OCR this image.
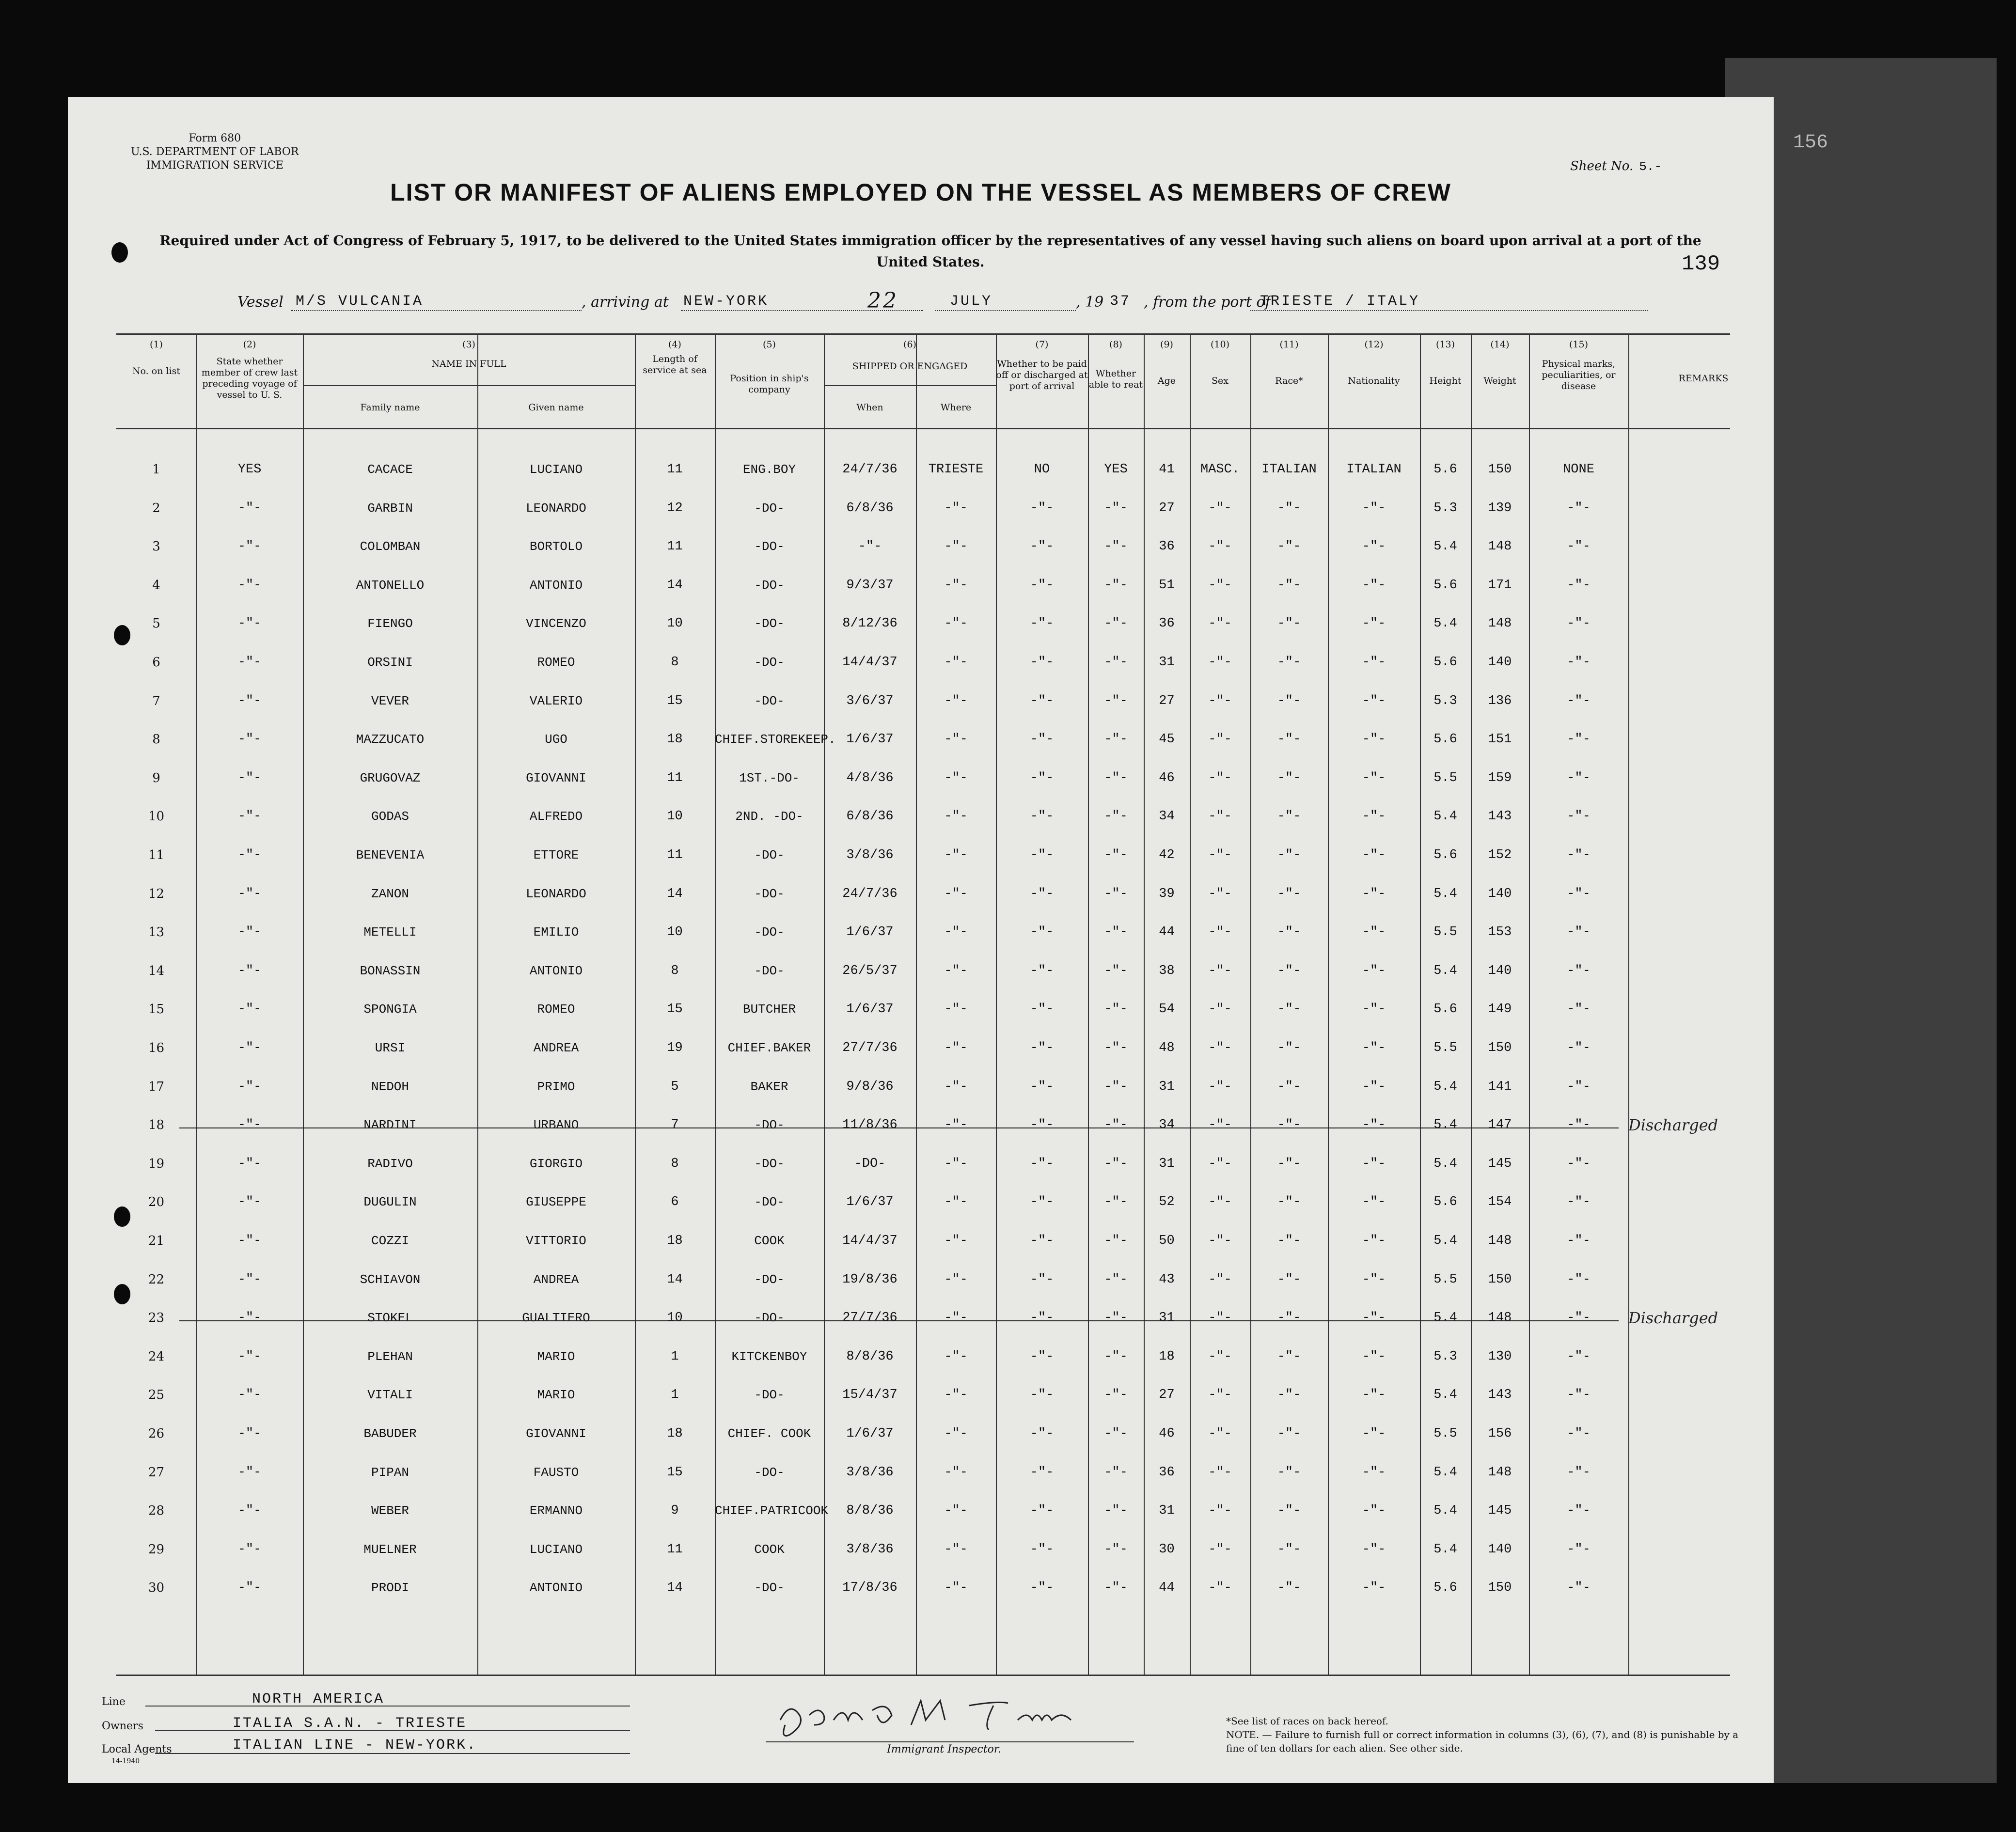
Form 680
U.S. DEPARTMENT OF LABOR
IMMIGRATION SERVICE	Sheet No. 5.-
LIST OR MANIFEST OF ALIENS EMPLOYED ON THE VESSEL AS MEMBERS OF CREW
Required under Act of Congress of February 5, 1917, to be delivered to the United States immigration officer by the representatives of any vessel having such aliens on board upon arrival at a port of the United States.	139
Vessel M/S VULCANIA	, arriving at NEW-YORK	22	JULY	, 19 37 , from the port of
TRIESTE / ITALY
(1)	(2)	(3)	(4)	(5)	(6)	(7)	(8)	(9)	(10)	(11)	(12)	(13)	(14)	(15)
No. on list
State whether member of crew last preceding voyage of vessel to U. S.
NAME IN FULL
Family name	Given name
Length of service at sea
Position in ship's company
SHIPPED OR ENGAGED
When	Where
Whether to be paid off or discharged at port of arrival
Whether able to reat	Age	Sex	Race*	Nationality	Height	Weight
Physical marks, peculiarities, or disease
REMARKS
1	YES	CACACE	LUCIANO	11	ENG.BOY	24/7/36	TRIESTE	NO	YES	41	MASC.	ITALIAN	ITALIAN	5.6	150	NONE
2	-"-	GARBIN	LEONARDO	12	-DO-	6/8/36	-"-	-"-	-"-	27	-"-	-"-	-"-	5.3	139	-"-
3	-"-	COLOMBAN	BORTOLO	11	-DO-	-"-	-"-	-"-	-"-	36	-"-	-"-	-"-	5.4	148	-"-
4	-"-	ANTONELLO	ANTONIO	14	-DO-	9/3/37	-"-	-"-	-"-	51	-"-	-"-	-"-	5.6	171	-"-
5	-"-	FIENGO	VINCENZO	10	-DO-	8/12/36	-"-	-"-	-"-	36	-"-	-"-	-"-	5.4	148	-"-
6	-"-	ORSINI	ROMEO	8	-DO-	14/4/37	-"-	-"-	-"-	31	-"-	-"-	-"-	5.6	140	-"-
7	-"-	VEVER	VALERIO	15	-DO-	3/6/37	-"-	-"-	-"-	27	-"-	-"-	-"-	5.3	136	-"-
8	-"-	MAZZUCATO	UGO	18	CHIEF.STOREKEEP. 1/6/37	-"-	-"-	-"-	45	-"-	-"-	-"-	5.6	151	-"-
9	-"-	GRUGOVAZ	GIOVANNI	11	1ST.-DO-	4/8/36	-"-	-"-	-"-	46	-"-	-"-	-"-	5.5	159	-"-
10	-"-	GODAS	ALFREDO	10	2ND. -DO-	6/8/36	-"-	-"-	-"-	34	-"-	-"-	-"-	5.4	143	-"-
11	-"-	BENEVENIA	ETTORE	11	-DO-	3/8/36	-"-	-"-	-"-	42	-"-	-"-	-"-	5.6	152	-"-
12	-"-	ZANON	LEONARDO	14	-DO-	24/7/36	-"-	-"-	-"-	39	-"-	-"-	-"-	5.4	140	-"-
13	-"-	METELLI	EMILIO	10	-DO-	1/6/37	-"-	-"-	-"-	44	-"-	-"-	-"-	5.5	153	-"-
14	-"-	BONASSIN	ANTONIO	8	-DO-	26/5/37	-"-	-"-	-"-	38	-"-	-"-	-"-	5.4	140	-"-
15	-"-	SPONGIA	ROMEO	15	BUTCHER	1/6/37	-"-	-"-	-"-	54	-"-	-"-	-"-	5.6	149	-"-
16	-"-	URSI	ANDREA	19	CHIEF.BAKER	27/7/36	-"-	-"-	-"-	48	-"-	-"-	-"-	5.5	150	-"-
17	-"-	NEDOH	PRIMO	5	BAKER	9/8/36	-"-	-"-	-"-	31	-"-	-"-	-"-	5.4	141	-"-
18	-"-	NARDINI	URBANO	7	-DO-	11/8/36	-"-	-"-	-"-	34	-"-	-"-	-"-	5.4	147	-"-	Discharged
19	-"-	RADIVO	GIORGIO	8	-DO-	-DO-	-"-	-"-	-"-	31	-"-	-"-	-"-	5.4	145	-"-
20	-"-	DUGULIN	GIUSEPPE	6	-DO-	1/6/37	-"-	-"-	-"-	52	-"-	-"-	-"-	5.6	154	-"-
21	-"-	COZZI	VITTORIO	18	COOK	14/4/37	-"-	-"-	-"-	50	-"-	-"-	-"-	5.4	148	-"-
22	-"-	SCHIAVON	ANDREA	14	-DO-	19/8/36	-"-	-"-	-"-	43	-"-	-"-	-"-	5.5	150	-"-
23	-"-	STOKEL	GUALTIERO	10	-DO-	27/7/36	-"-	-"-	-"-	31	-"-	-"-	-"-	5.4	148	-"-	Discharged
24	-"-	PLEHAN	MARIO	1	KITCKENBOY	8/8/36	-"-	-"-	-"-	18	-"-	-"-	-"-	5.3	130	-"-
25	-"-	VITALI	MARIO	1	-DO-	15/4/37	-"-	-"-	-"-	27	-"-	-"-	-"-	5.4	143	-"-
26	-"-	BABUDER	GIOVANNI	18	CHIEF. COOK	1/6/37	-"-	-"-	-"-	46	-"-	-"-	-"-	5.5	156	-"-
27	-"-	PIPAN	FAUSTO	15	-DO-	3/8/36	-"-	-"-	-"-	36	-"-	-"-	-"-	5.4	148	-"-
28	-"-	WEBER	ERMANNO	9	CHIEF.PATRICOOK	8/8/36	-"-	-"-	-"-	31	-"-	-"-	-"-	5.4	145	-"-
29	-"-	MUELNER	LUCIANO	11	COOK	3/8/36	-"-	-"-	-"-	30	-"-	-"-	-"-	5.4	140	-"-
30	-"-	PRODI	ANTONIO	14	-DO-	17/8/36	-"-	-"-	-"-	44	-"-	-"-	-"-	5.6	150	-"-
Line	NORTH AMERICA
Owners	ITALIA S.A.N. - TRIESTE
Local Agents
14-1940
ITALIAN LINE - NEW-YORK.	Immigrant Inspector.
*See list of races on back hereof.
NOTE. — Failure to furnish full or correct information in columns (3), (6), (7), and (8) is punishable by a fine of ten dollars for each alien. See other side.
156
